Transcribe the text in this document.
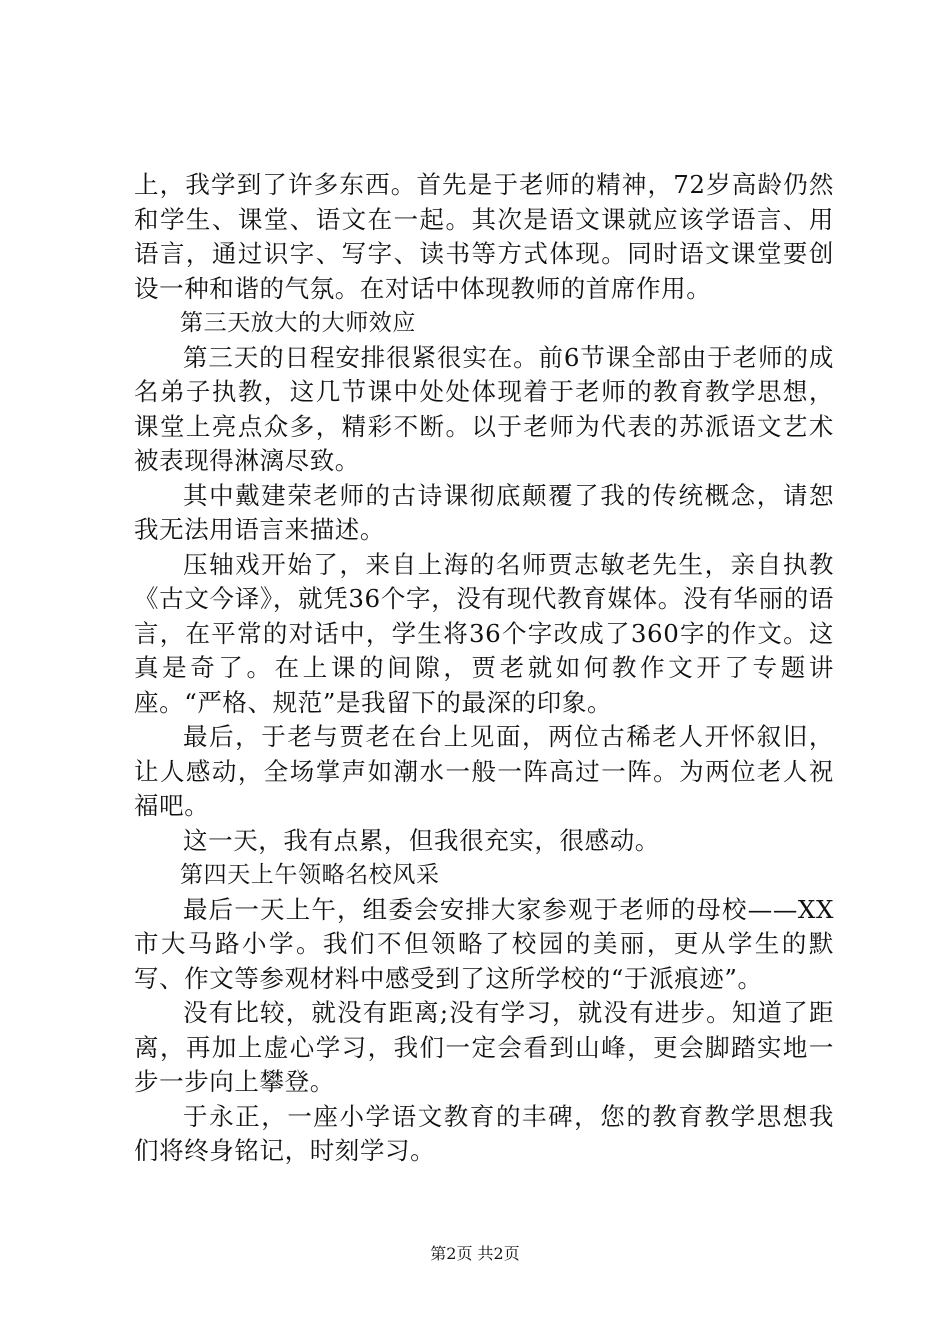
上，我学到了许多东西。首先是于老师的精神，72岁高龄仍然和学生、课堂、语文在一起。其次是语文课就应该学语言、用语言，通过识字、写字、读书等方式体现。同时语文课堂要创设一种和谐的气氛。在对话中体现教师的首席作用。

第三天放大的大师效应

第三天的日程安排很紧很实在。前6节课全部由于老师的成名弟子执教，这几节课中处处体现着于老师的教育教学思想，课堂上亮点众多，精彩不断。以于老师为代表的苏派语文艺术被表现得淋漓尽致。

其中戴建荣老师的古诗课彻底颠覆了我的传统概念，请恕我无法用语言来描述。

压轴戏开始了，来自上海的名师贾志敏老先生，亲自执教《古文今译》，就凭36个字，没有现代教育媒体。没有华丽的语言，在平常的对话中，学生将36个字改成了360字的作文。这真是奇了。在上课的间隙，贾老就如何教作文开了专题讲座。“严格、规范”是我留下的最深的印象。

最后，于老与贾老在台上见面，两位古稀老人开怀叙旧，让人感动，全场掌声如潮水一般一阵高过一阵。为两位老人祝福吧。

这一天，我有点累，但我很充实，很感动。

第四天上午领略名校风采

最后一天上午，组委会安排大家参观于老师的母校——XX市大马路小学。我们不但领略了校园的美丽，更从学生的默写、作文等参观材料中感受到了这所学校的“于派痕迹”。

没有比较，就没有距离;没有学习，就没有进步。知道了距离，再加上虚心学习，我们一定会看到山峰，更会脚踏实地一步一步向上攀登。

于永正，一座小学语文教育的丰碑，您的教育教学思想我们将终身铭记，时刻学习。

第2页 共2页
